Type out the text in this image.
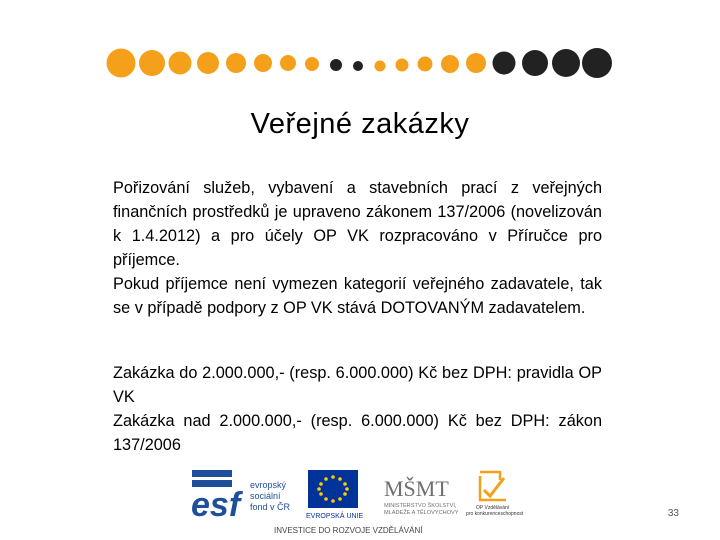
Veřejné zakázky

Pořizování služeb, vybavení a stavebních prací z veřejných finančních prostředků je upraveno zákonem 137/2006 (novelizován k 1.4.2012) a pro účely OP VK rozpracováno v Příručce pro příjemce.

Pokud příjemce není vymezen kategorií veřejného zadavatele, tak se v případě podpory z OP VK stává DOTOVANÝM zadavatelem.

Zakázka do 2.000.000,- (resp. 6.000.000) Kč bez DPH: pravidla OP VK

Zakázka nad 2.000.000,- (resp. 6.000.000) Kč bez DPH: zákon 137/2006

esf
evropský
sociální
fond v ČR
EVROPSKÁ UNIE
MŠMT
MINISTERSTVO ŠKOLSTVÍ,
MLÁDEŽE A TĚLOVÝCHOVY
OP Vzdělávání
pro konkurenceschopnost
INVESTICE DO ROZVOJE VZDĚLÁVÁNÍ
33
